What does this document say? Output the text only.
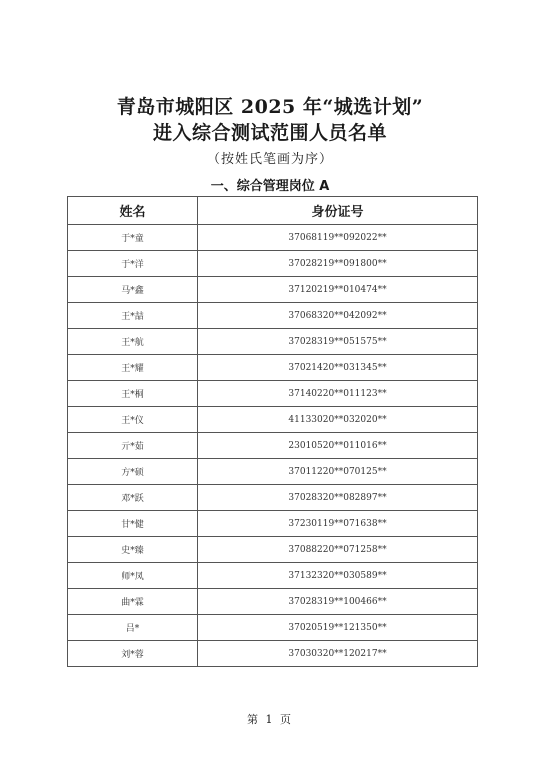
青岛市城阳区 2025 年“城选计划”
进入综合测试范围人员名单
（按姓氏笔画为序）
一、综合管理岗位 A
姓名	身份证号
于*童	37068119**092022**
于*洋	37028219**091800**
马*鑫	37120219**010474**
王*喆	37068320**042092**
王*航	37028319**051575**
王*耀	37021420**031345**
王*桐	37140220**011123**
王*仪	41133020**032020**
亓*茹	23010520**011016**
方*硕	37011220**070125**
邓*跃	37028320**082897**
甘*健	37230119**071638**
史*臻	37088220**071258**
师*凤	37132320**030589**
曲*霖	37028319**100466**
吕*	37020519**121350**
刘*蓉	37030320**120217**
第 1 页
